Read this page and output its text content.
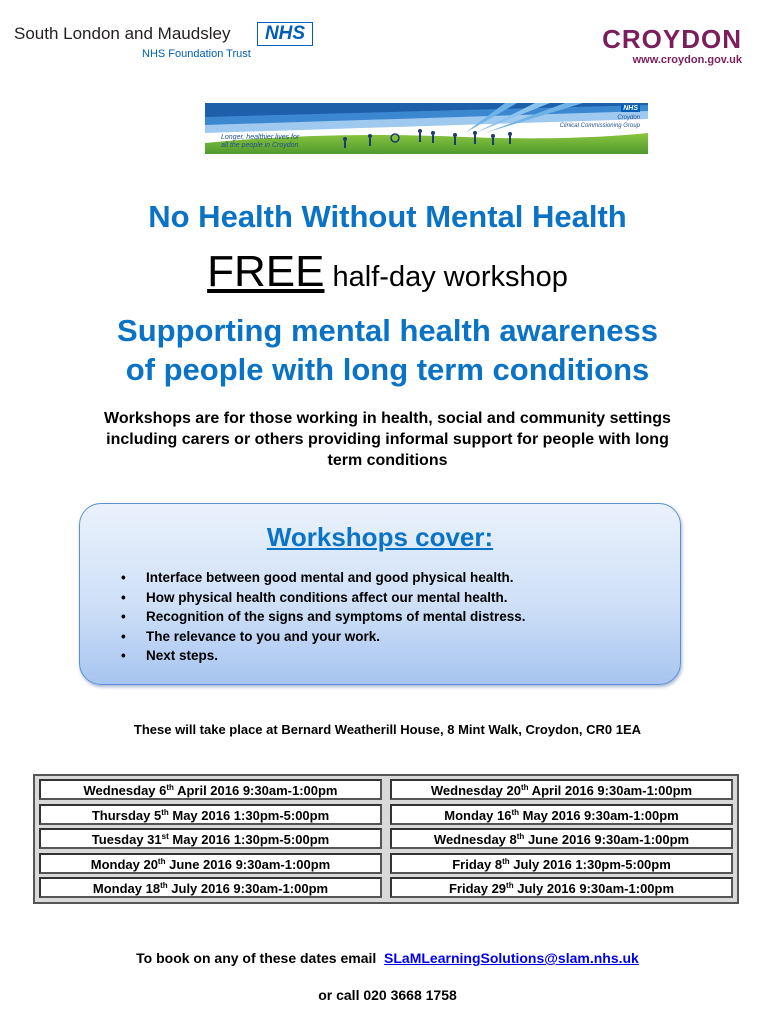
South London and Maudsley	NHS
NHS Foundation Trust	CROYDON
www.croydon.gov.uk
Longer, healthier lives for
all the people in Croydon
NHS
Croydon
Clinical Commissioning Group
No Health Without Mental Health
FREE half-day workshop
Supporting mental health awareness
of people with long term conditions
Workshops are for those working in health, social and community settings including carers or others providing informal support for people with long term conditions
Workshops cover:
• Interface between good mental and good physical health.
• How physical health conditions affect our mental health.
• Recognition of the signs and symptoms of mental distress.
• The relevance to you and your work.
• Next steps.
These will take place at Bernard Weatherill House, 8 Mint Walk, Croydon, CR0 1EA
Wednesday 6th April 2016 9:30am-1:00pm	Wednesday 20th April 2016 9:30am-1:00pm
Thursday 5th May 2016 1:30pm-5:00pm	Monday 16th May 2016 9:30am-1:00pm
Tuesday 31st May 2016 1:30pm-5:00pm	Wednesday 8th June 2016 9:30am-1:00pm
Monday 20th June 2016 9:30am-1:00pm	Friday 8th July 2016 1:30pm-5:00pm
Monday 18th July 2016 9:30am-1:00pm	Friday 29th July 2016 9:30am-1:00pm
To book on any of these dates email SLaMLearningSolutions@slam.nhs.uk
or call 020 3668 1758
